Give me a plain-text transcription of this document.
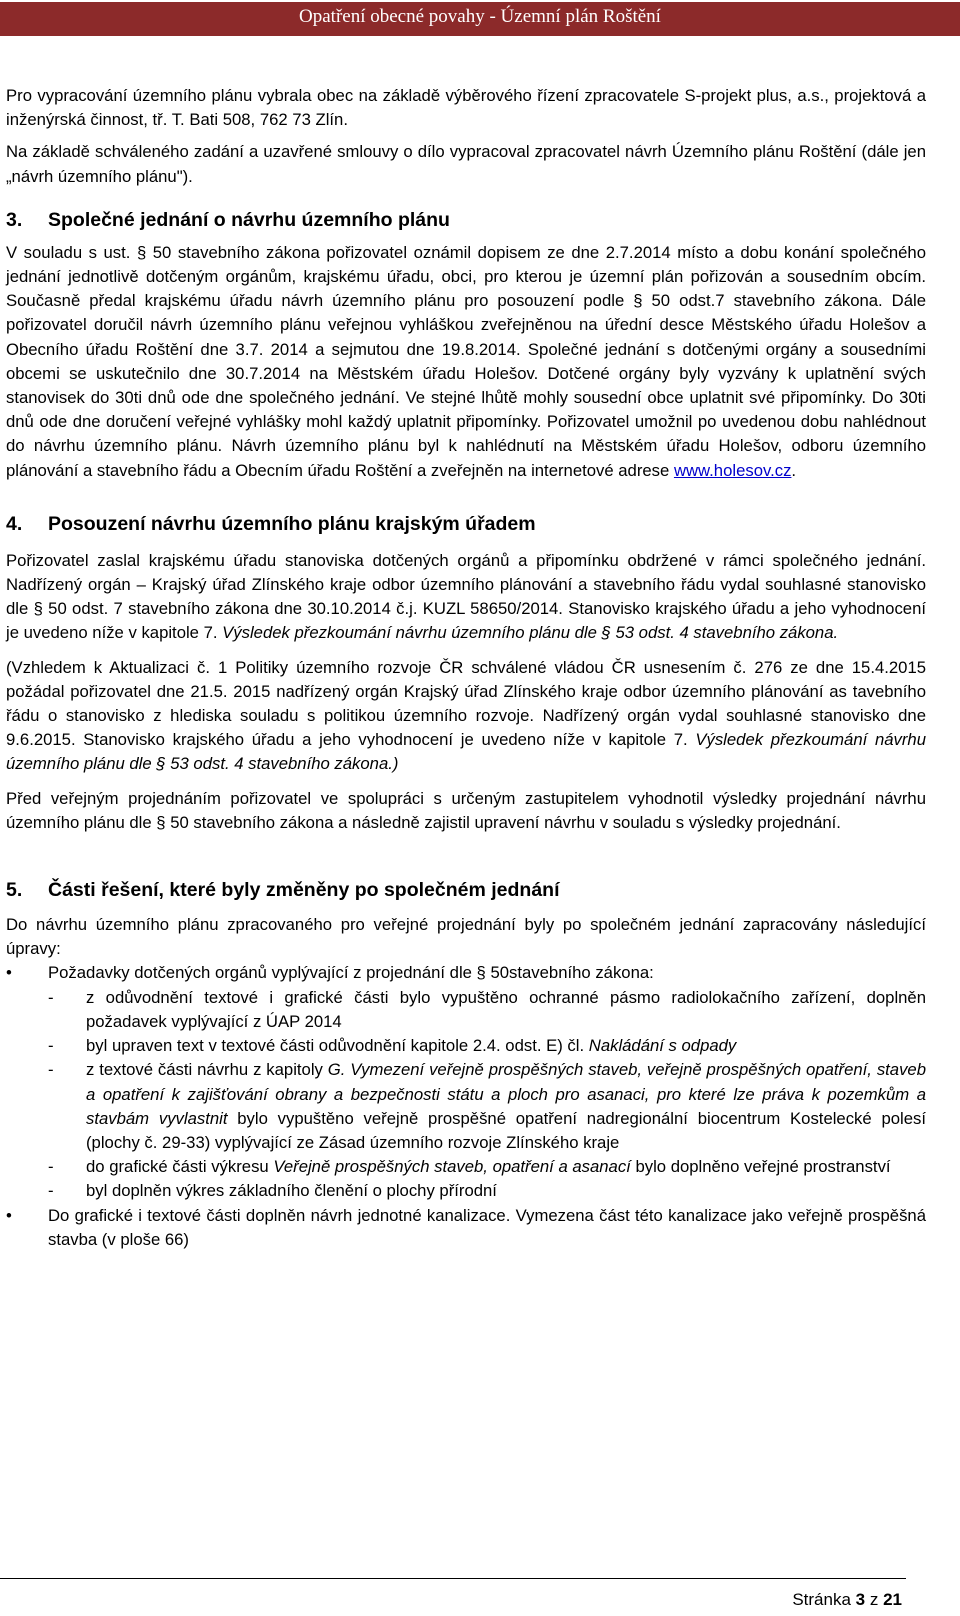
Opatření obecné povahy - Územní plán Roštění

Pro vypracování územního plánu vybrala obec na základě výběrového řízení zpracovatele S-projekt plus, a.s., projektová a inženýrská činnost, tř. T. Bati 508, 762 73 Zlín.

Na základě schváleného zadání a uzavřené smlouvy o dílo vypracoval zpracovatel návrh Územního plánu Roštění (dále jen „návrh územního plánu").

3. Společné jednání o návrhu územního plánu

V souladu s ust. § 50 stavebního zákona pořizovatel oznámil dopisem ze dne 2.7.2014 místo a dobu konání společného jednání jednotlivě dotčeným orgánům, krajskému úřadu, obci, pro kterou je územní plán pořizován a sousedním obcím. Současně předal krajskému úřadu návrh územního plánu pro posouzení podle § 50 odst.7 stavebního zákona. Dále pořizovatel doručil návrh územního plánu veřejnou vyhláškou zveřejněnou na úřední desce Městského úřadu Holešov a Obecního úřadu Roštění dne 3.7. 2014 a sejmutou dne 19.8.2014. Společné jednání s dotčenými orgány a sousedními obcemi se uskutečnilo dne 30.7.2014 na Městském úřadu Holešov. Dotčené orgány byly vyzvány k uplatnění svých stanovisek do 30ti dnů ode dne společného jednání. Ve stejné lhůtě mohly sousední obce uplatnit své připomínky. Do 30ti dnů ode dne doručení veřejné vyhlášky mohl každý uplatnit připomínky. Pořizovatel umožnil po uvedenou dobu nahlédnout do návrhu územního plánu. Návrh územního plánu byl k nahlédnutí na Městském úřadu Holešov, odboru územního plánování a stavebního řádu a Obecním úřadu Roštění a zveřejněn na internetové adrese www.holesov.cz.

4. Posouzení návrhu územního plánu krajským úřadem

Pořizovatel zaslal krajskému úřadu stanoviska dotčených orgánů a připomínku obdržené v rámci společného jednání. Nadřízený orgán – Krajský úřad Zlínského kraje odbor územního plánování a stavebního řádu vydal souhlasné stanovisko dle § 50 odst. 7 stavebního zákona dne 30.10.2014 č.j. KUZL 58650/2014. Stanovisko krajského úřadu a jeho vyhodnocení je uvedeno níže v kapitole 7. Výsledek přezkoumání návrhu územního plánu dle § 53 odst. 4 stavebního zákona.

(Vzhledem k Aktualizaci č. 1 Politiky územního rozvoje ČR schválené vládou ČR usnesením č. 276 ze dne 15.4.2015 požádal pořizovatel dne 21.5. 2015 nadřízený orgán Krajský úřad Zlínského kraje odbor územního plánování as tavebního řádu o stanovisko z hlediska souladu s politikou územního rozvoje. Nadřízený orgán vydal souhlasné stanovisko dne 9.6.2015. Stanovisko krajského úřadu a jeho vyhodnocení je uvedeno níže v kapitole 7. Výsledek přezkoumání návrhu územního plánu dle § 53 odst. 4 stavebního zákona.)

Před veřejným projednáním pořizovatel ve spolupráci s určeným zastupitelem vyhodnotil výsledky projednání návrhu územního plánu dle § 50 stavebního zákona a následně zajistil upravení návrhu v souladu s výsledky projednání.

5. Části řešení, které byly změněny po společném jednání

Do návrhu územního plánu zpracovaného pro veřejné projednání byly po společném jednání zapracovány následující úpravy:

•	Požadavky dotčených orgánů vyplývající z projednání dle § 50stavebního zákona:

- z odůvodnění textové i grafické části bylo vypuštěno ochranné pásmo radiolokačního zařízení, doplněn požadavek vyplývající z ÚAP 2014

- byl upraven text v textové části odůvodnění kapitole 2.4. odst. E) čl. Nakládání s odpady

- z textové části návrhu z kapitoly G. Vymezení veřejně prospěšných staveb, veřejně prospěšných opatření, staveb a opatření k zajišťování obrany a bezpečnosti státu a ploch pro asanaci, pro které lze práva k pozemkům a stavbám vyvlastnit bylo vypuštěno veřejně prospěšné opatření nadregionální biocentrum Kostelecké polesí (plochy č. 29-33) vyplývající ze Zásad územního rozvoje Zlínského kraje

- do grafické části výkresu Veřejně prospěšných staveb, opatření a asanací bylo doplněno veřejné prostranství

- byl doplněn výkres základního členění o plochy přírodní

•	Do grafické i textové části doplněn návrh jednotné kanalizace. Vymezena část této kanalizace jako veřejně prospěšná stavba (v ploše 66)

Stránka 3 z 21
